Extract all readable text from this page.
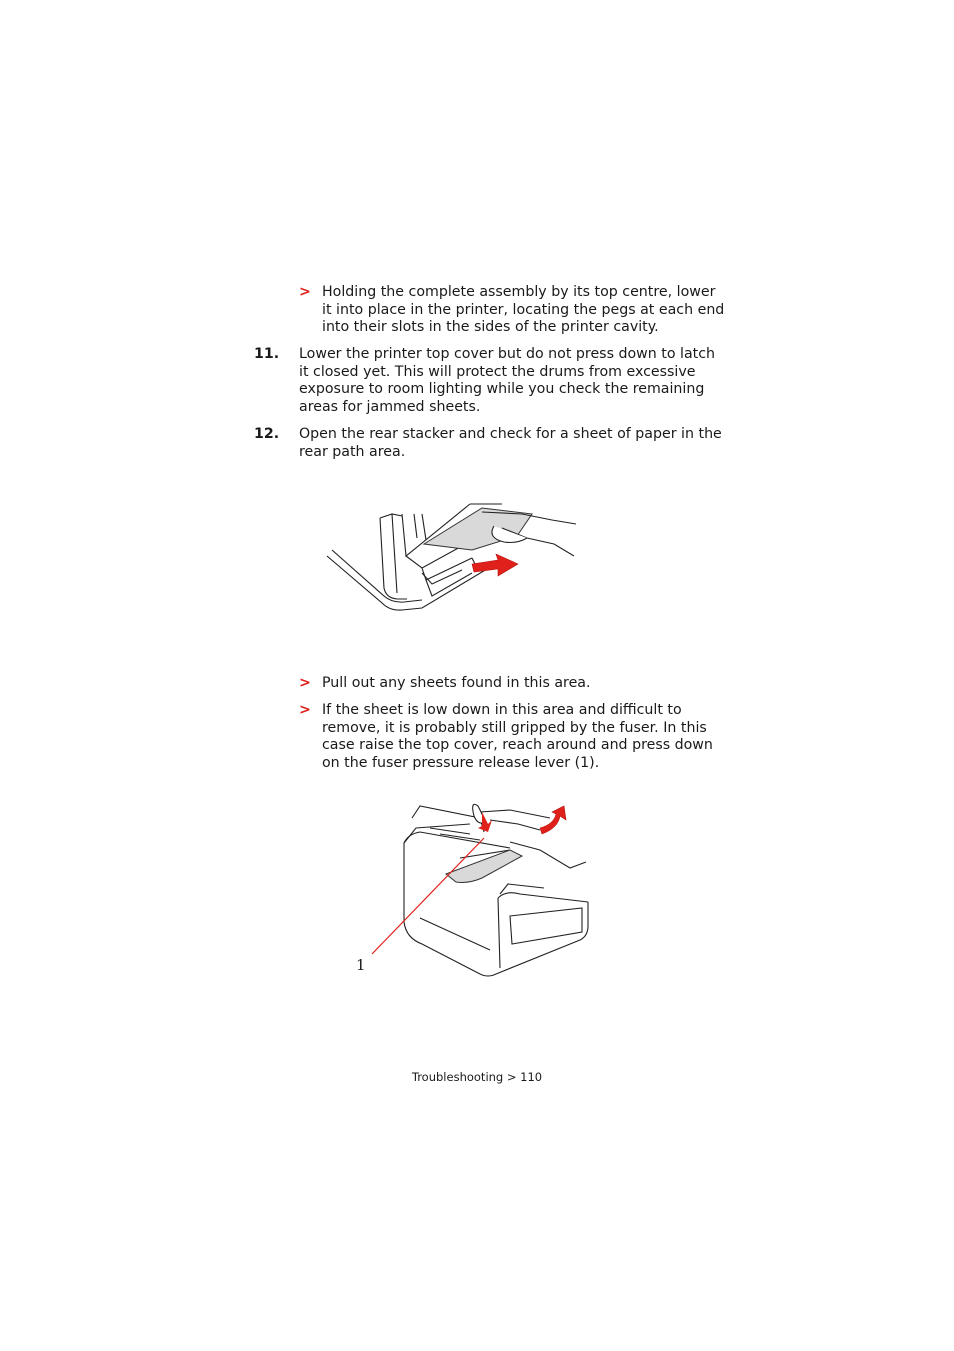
> Holding the complete assembly by its top centre, lower it into place in the printer, locating the pegs at each end into their slots in the sides of the printer cavity.
11. Lower the printer top cover but do not press down to latch it closed yet. This will protect the drums from excessive exposure to room lighting while you check the remaining areas for jammed sheets.
12. Open the rear stacker and check for a sheet of paper in the rear path area.
> Pull out any sheets found in this area.
> If the sheet is low down in this area and difficult to remove, it is probably still gripped by the fuser. In this case raise the top cover, reach around and press down on the fuser pressure release lever (1).
1
Troubleshooting > 110
